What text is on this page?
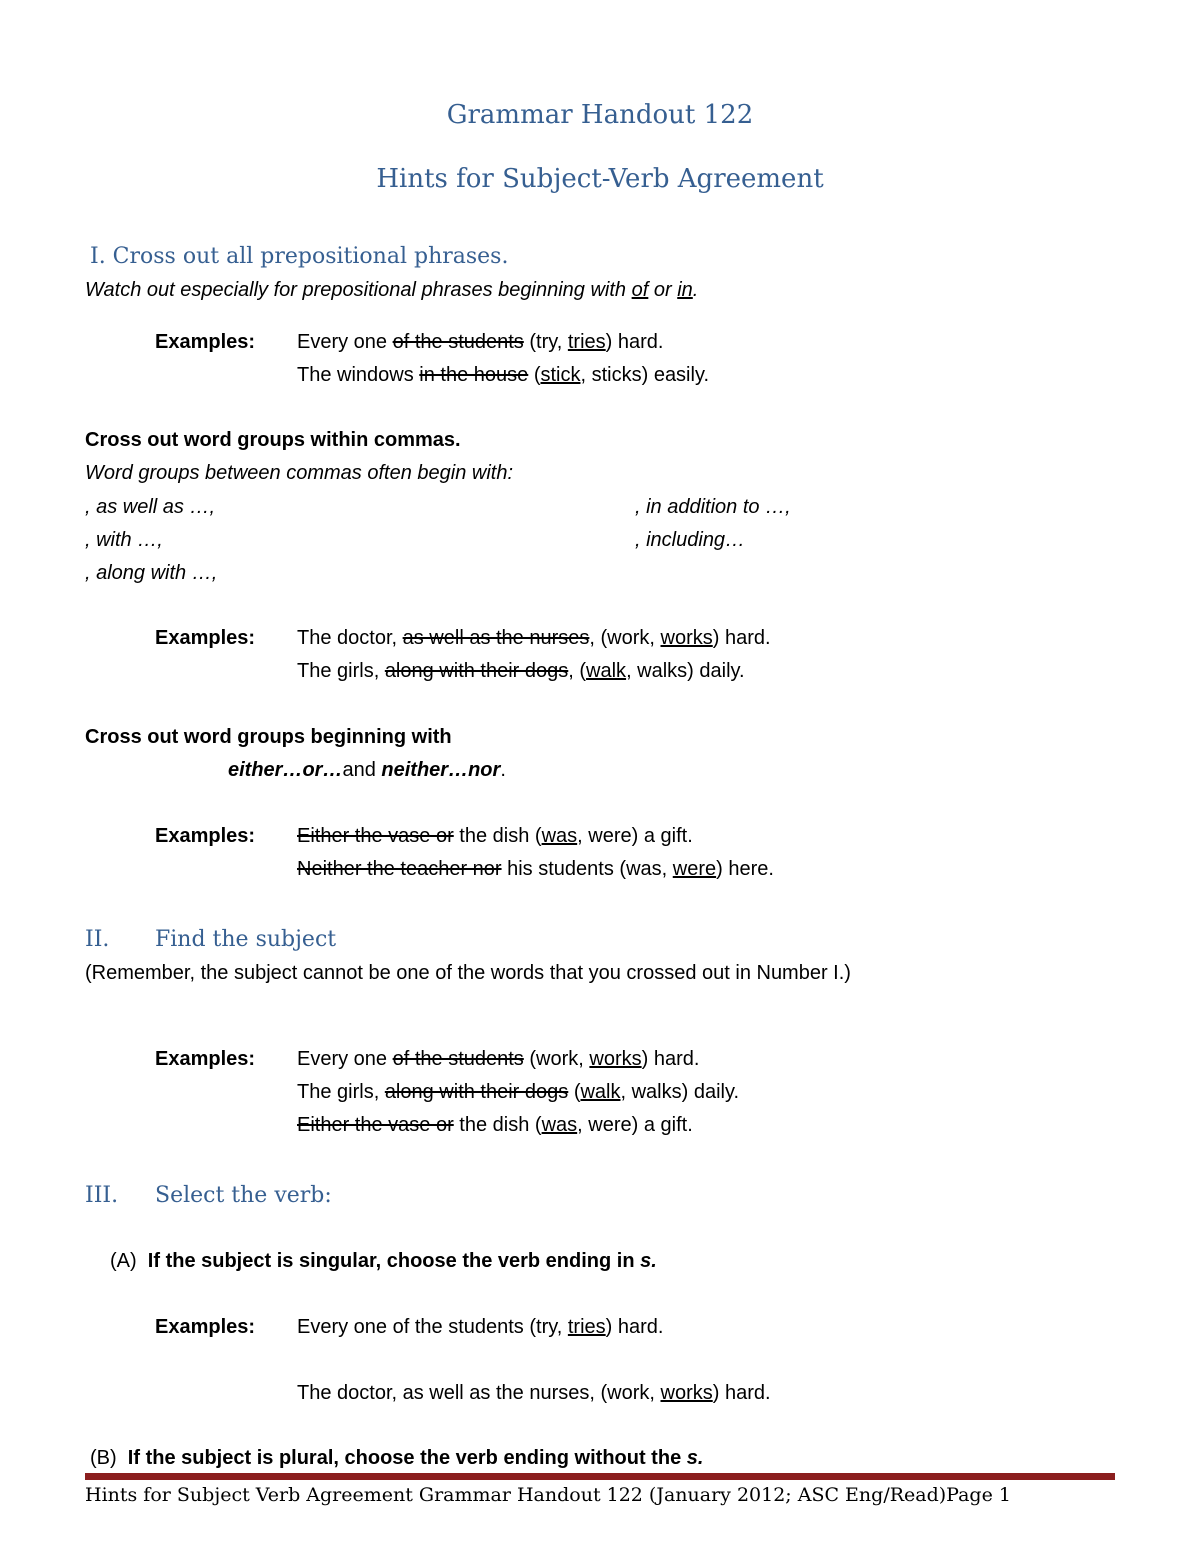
Grammar Handout 122
Hints for Subject-Verb Agreement
I. Cross out all prepositional phrases.
Watch out especially for prepositional phrases beginning with of or in.
Examples: Every one of the students (try, tries) hard.
The windows in the house (stick, sticks) easily.
Cross out word groups within commas.
Word groups between commas often begin with:
, as well as …,
, with …,
, along with …,
, in addition to …,
, including…
Examples: The doctor, as well as the nurses, (work, works) hard.
The girls, along with their dogs, (walk, walks) daily.
Cross out word groups beginning with
either…or…and neither…nor.
Examples: Either the vase or the dish (was, were) a gift.
Neither the teacher nor his students (was, were) here.
II. Find the subject
(Remember, the subject cannot be one of the words that you crossed out in Number I.)
Examples: Every one of the students (work, works) hard.
The girls, along with their dogs (walk, walks) daily.
Either the vase or the dish (was, were) a gift.
III. Select the verb:
(A) If the subject is singular, choose the verb ending in s.
Examples: Every one of the students (try, tries) hard.
The doctor, as well as the nurses, (work, works) hard.
(B) If the subject is plural, choose the verb ending without the s.
Hints for Subject Verb Agreement Grammar Handout 122 (January 2012; ASC Eng/Read)Page 1
